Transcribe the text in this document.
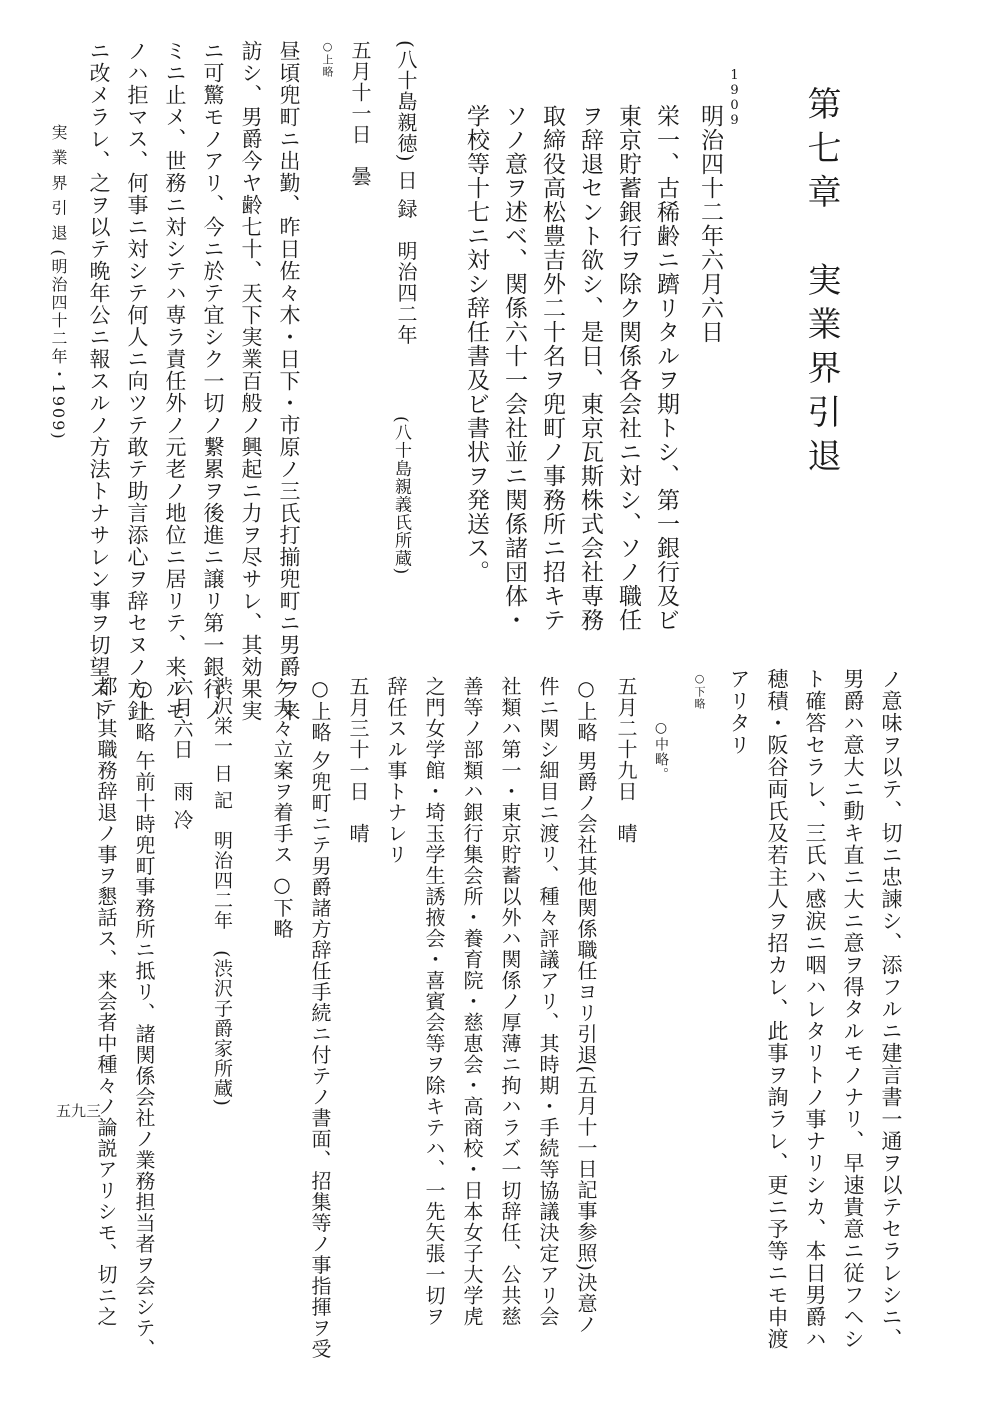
第七章　実業界引退
1909
明治四十二年六月六日
栄一、古稀齢ニ躋リタルヲ期トシ、第一銀行及ビ
東京貯蓄銀行ヲ除ク関係各会社ニ対シ、ソノ職任
ヲ辞退セント欲シ、是日、東京瓦斯株式会社専務
取締役高松豊吉外二十名ヲ兜町ノ事務所ニ招キテ
ソノ意ヲ述ベ、関係六十一会社並ニ関係諸団体・
学校等十七ニ対シ辞任書及ビ書状ヲ発送ス。
(八十島親義氏所蔵)
(八十島親徳) 日 録　明治四二年
五月十一日　曇
○上略
昼頃兜町ニ出勤、昨日佐々木・日下・市原ノ三氏打揃兜町ニ男爵ヲ来
訪シ、男爵今ヤ齢七十、天下実業百般ノ興起ニ力ヲ尽サレ、其効果実
ニ可驚モノアリ、今ニ於テ宜シク一切ノ繋累ヲ後進ニ譲リ第一銀行ノ
ミニ止メ、世務ニ対シテハ専ラ責任外ノ元老ノ地位ニ居リテ、来ルモ
ノハ拒マス、何事ニ対シテ何人ニ向ツテ敢テ助言添心ヲ辞セヌノ方針
ニ改メラレ、之ヲ以テ晩年公ニ報スルノ方法トナサレン事ヲ切望スト
実 業 界 引 退 (明治四十二年・1909)
ノ意味ヲ以テ、切ニ忠諫シ、添フルニ建言書一通ヲ以テセラレシニ、
男爵ハ意大ニ動キ直ニ大ニ意ヲ得タルモノナリ、早速貴意ニ従フヘシ
ト確答セラレ、三氏ハ感涙ニ咽ハレタリトノ事ナリシカ、本日男爵ハ
穂積・阪谷両氏及若主人ヲ招カレ、此事ヲ詢ラレ、更ニ予等ニモ申渡
アリタリ
○下略
○中略。
五月二十九日　晴
○上略 男爵ノ会社其他関係職任ヨリ引退(五月十一日記事参照)決意ノ
件ニ関シ細目ニ渡リ、種々評議アリ、其時期・手続等協議決定アリ会
社類ハ第一・東京貯蓄以外ハ関係ノ厚薄ニ拘ハラズ一切辞任、公共慈
善等ノ部類ハ銀行集会所・養育院・慈恵会・高商校・日本女子大学虎
之門女学館・埼玉学生誘掖会・喜賓会等ヲ除キテハ、一先矢張一切ヲ
辞任スル事トナレリ
五月三十一日　晴
○上略 夕兜町ニテ男爵諸方辞任手続ニ付テノ書面、招集等ノ事指揮ヲ受
ケ夫々立案ヲ着手ス ○下略
渋沢栄一 日 記　明治四二年　(渋沢子爵家所蔵)
六月六日　雨 冷
○上略 午前十時兜町事務所ニ抵リ、諸関係会社ノ業務担当者ヲ会シテ、
都テ其職務辞退ノ事ヲ懇話ス、来会者中種々ノ論説アリシモ、切ニ之
五九三
